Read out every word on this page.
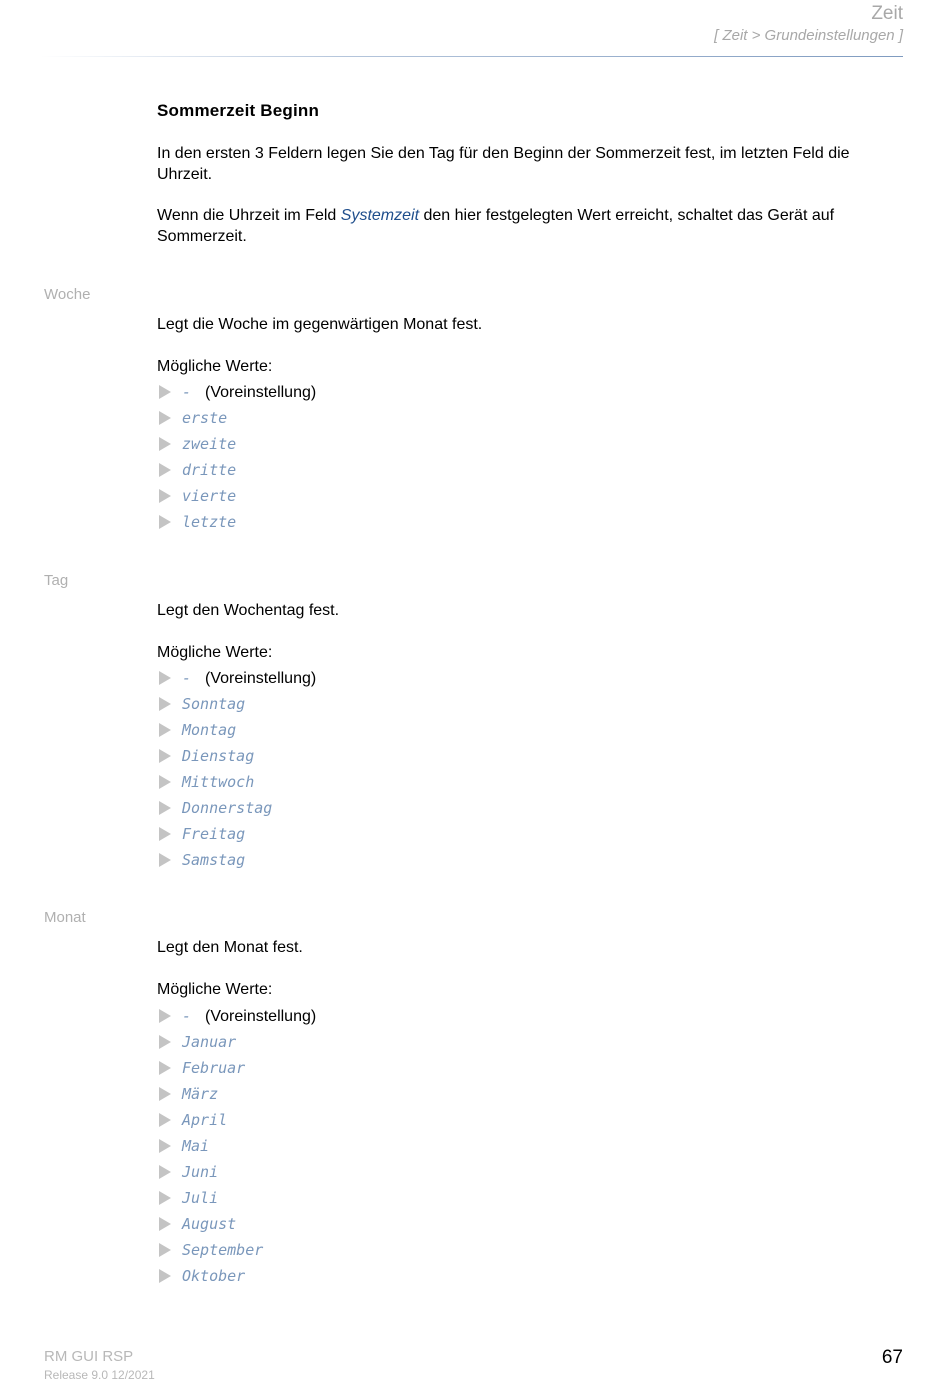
Zeit
[ Zeit > Grundeinstellungen ]
Sommerzeit Beginn
In den ersten 3 Feldern legen Sie den Tag für den Beginn der Sommerzeit fest, im letzten Feld die Uhrzeit.
Wenn die Uhrzeit im Feld Systemzeit den hier festgelegten Wert erreicht, schaltet das Gerät auf Sommerzeit.
Woche
Legt die Woche im gegenwärtigen Monat fest.
Mögliche Werte:
- (Voreinstellung)
erste
zweite
dritte
vierte
letzte
Tag
Legt den Wochentag fest.
Mögliche Werte:
- (Voreinstellung)
Sonntag
Montag
Dienstag
Mittwoch
Donnerstag
Freitag
Samstag
Monat
Legt den Monat fest.
Mögliche Werte:
- (Voreinstellung)
Januar
Februar
März
April
Mai
Juni
Juli
August
September
Oktober
RM GUI RSP
Release 9.0 12/2021
67
